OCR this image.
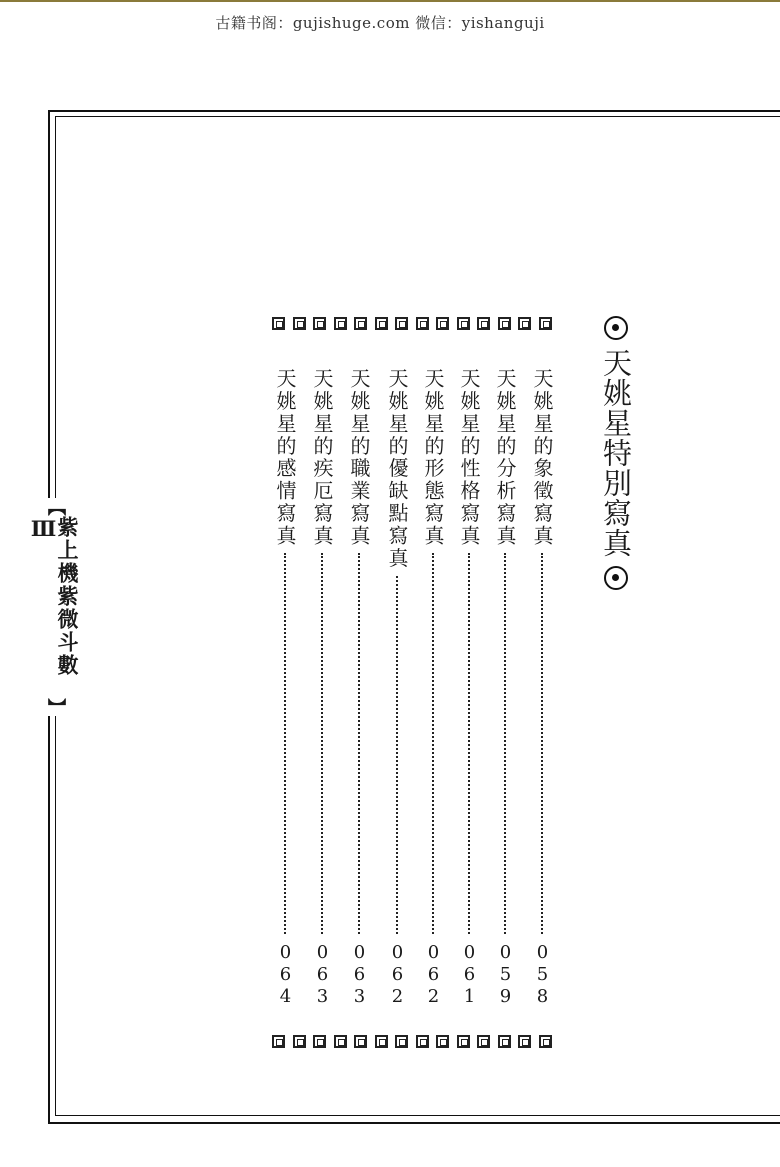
古籍书阁：gujishuge.com 微信：yishanguji
【
紫上機紫微斗數Ⅲ
】
天姚星特別寫真
天姚星的象徵寫真
058
天姚星的分析寫真
059
天姚星的性格寫真
061
天姚星的形態寫真
062
天姚星的優缺點寫真
062
天姚星的職業寫真
063
天姚星的疾厄寫真
063
天姚星的感情寫真
064
